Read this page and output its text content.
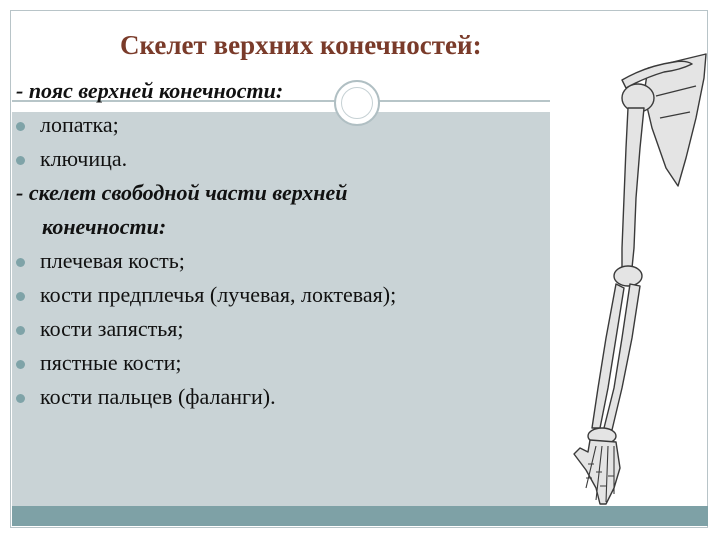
Скелет верхних конечностей:
- пояс верхней конечности:
лопатка;
ключица.
- скелет свободной части верхней
конечности:
плечевая кость;
кости предплечья (лучевая, локтевая);
кости запястья;
пястные кости;
кости пальцев (фаланги).
